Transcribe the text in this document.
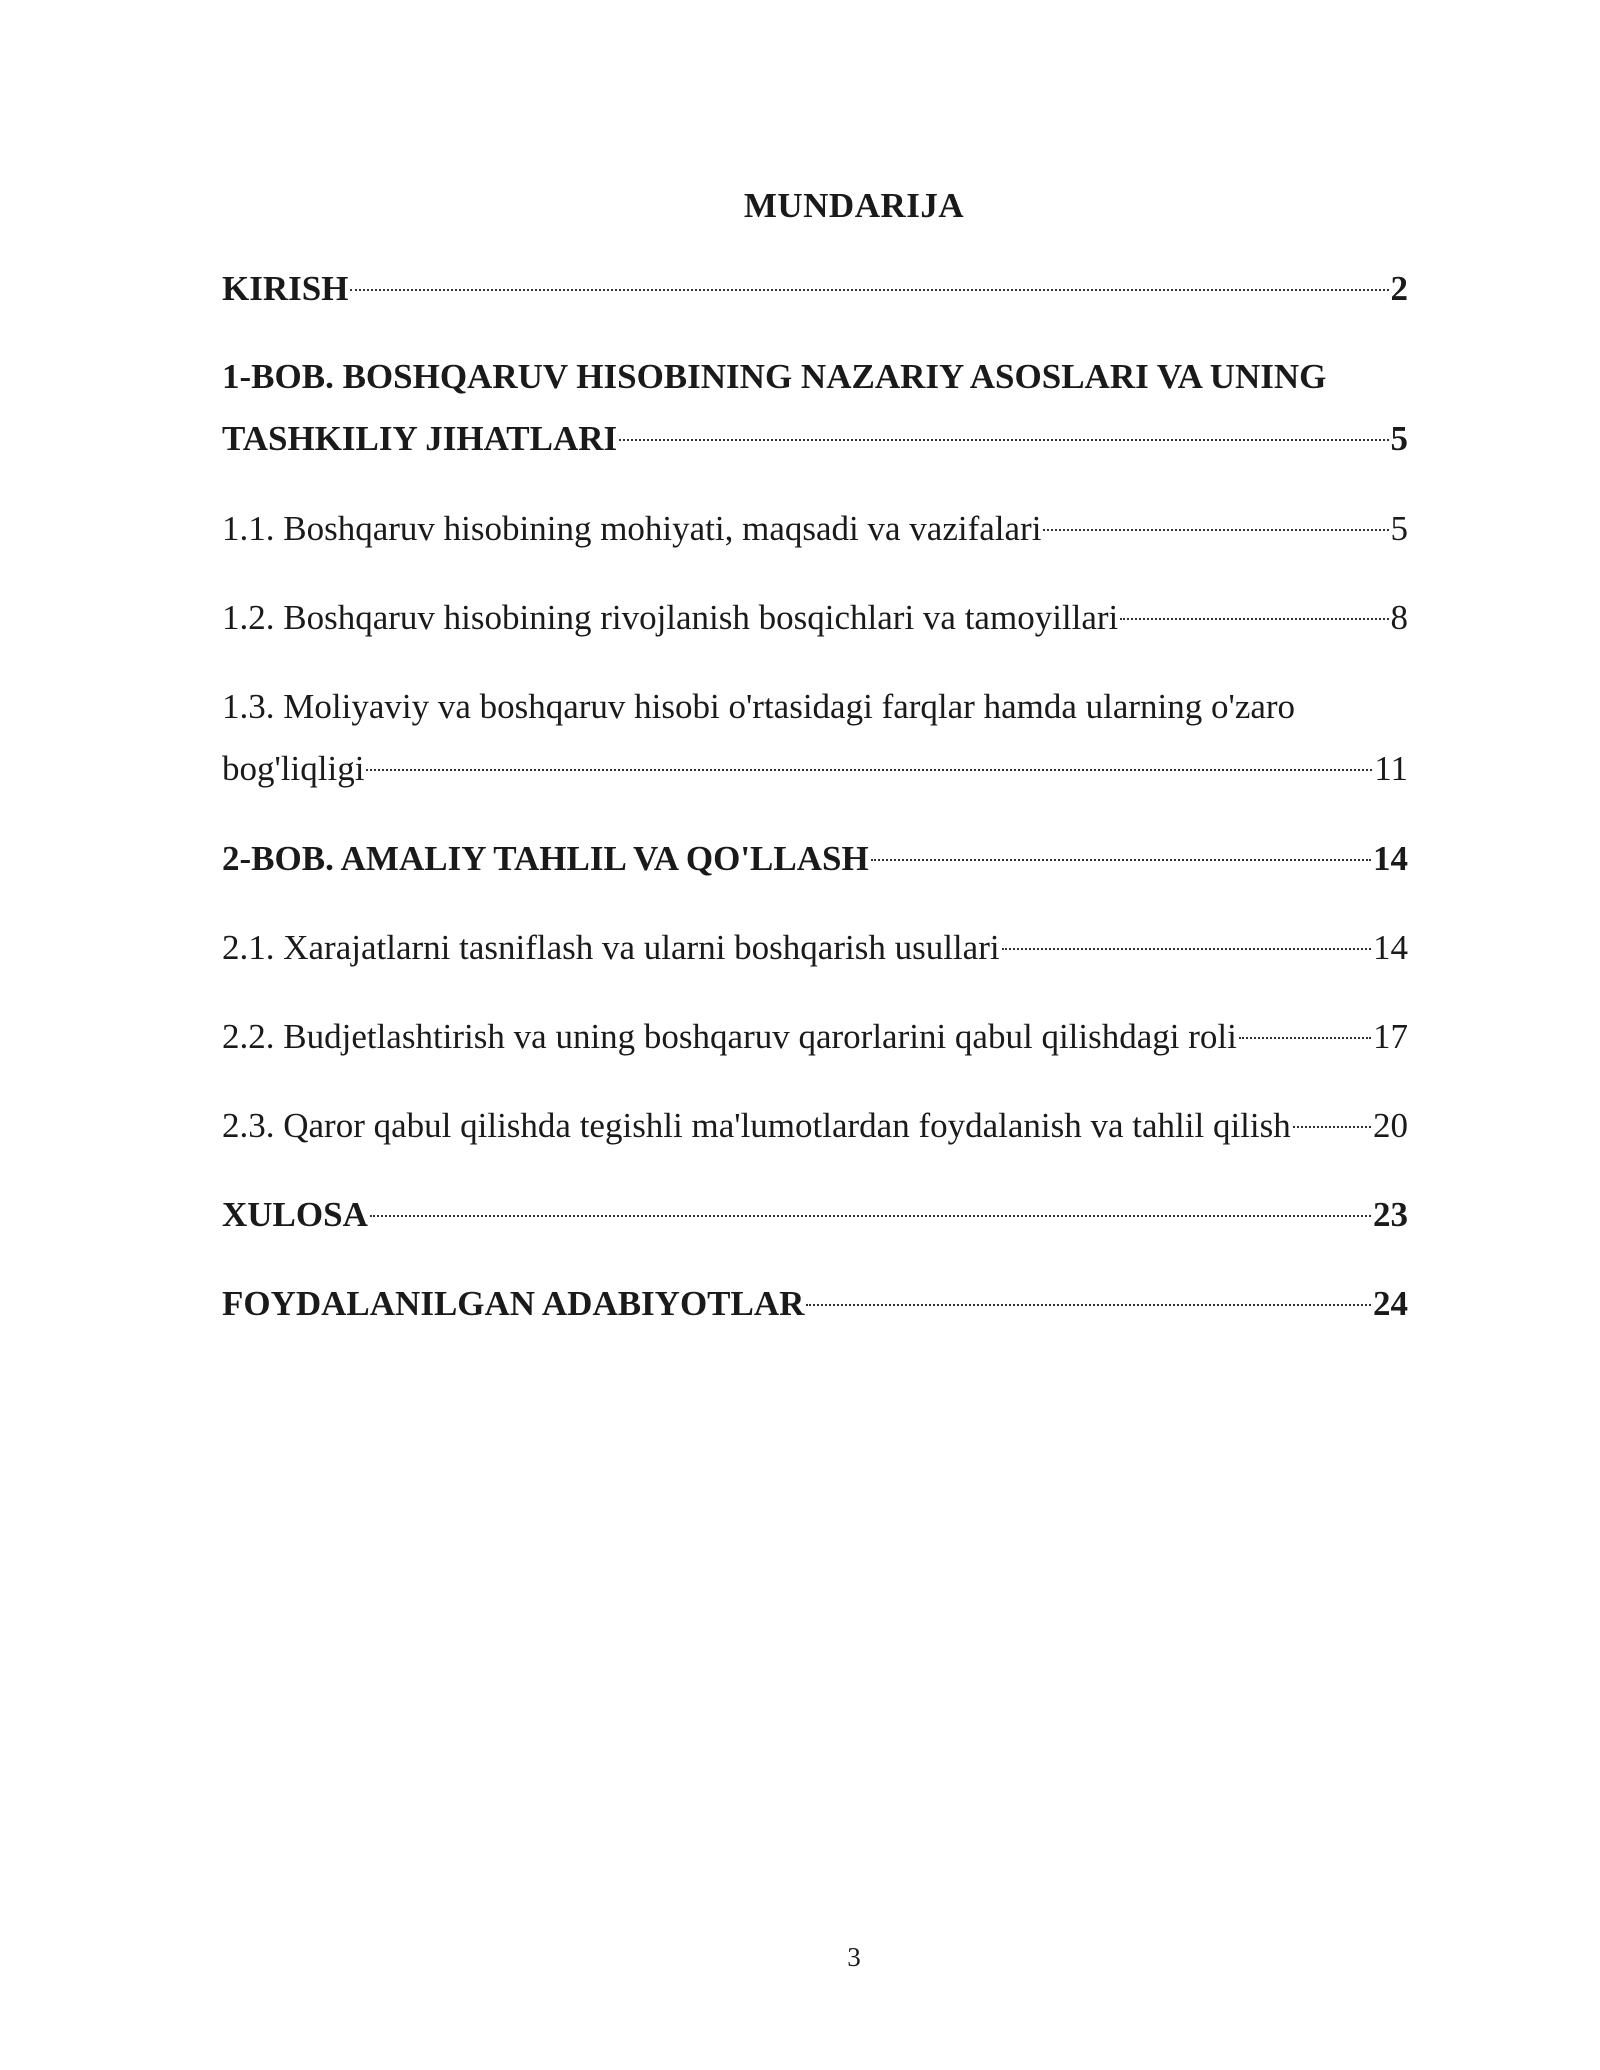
MUNDARIJA
KIRISH	2
1-BOB. BOSHQARUV HISOBINING NAZARIY ASOSLARI VA UNING
TASHKILIY JIHATLARI	5
1.1. Boshqaruv hisobining mohiyati, maqsadi va vazifalari	5
1.2. Boshqaruv hisobining rivojlanish bosqichlari va tamoyillari	8
1.3. Moliyaviy va boshqaruv hisobi o'rtasidagi farqlar hamda ularning o'zaro
bog'liqligi	11
2-BOB. AMALIY TAHLIL VA QO'LLASH	14
2.1. Xarajatlarni tasniflash va ularni boshqarish usullari	14
2.2. Budjetlashtirish va uning boshqaruv qarorlarini qabul qilishdagi roli	17
2.3. Qaror qabul qilishda tegishli ma'lumotlardan foydalanish va tahlil qilish 20
XULOSA	23
FOYDALANILGAN ADABIYOTLAR	24
3
